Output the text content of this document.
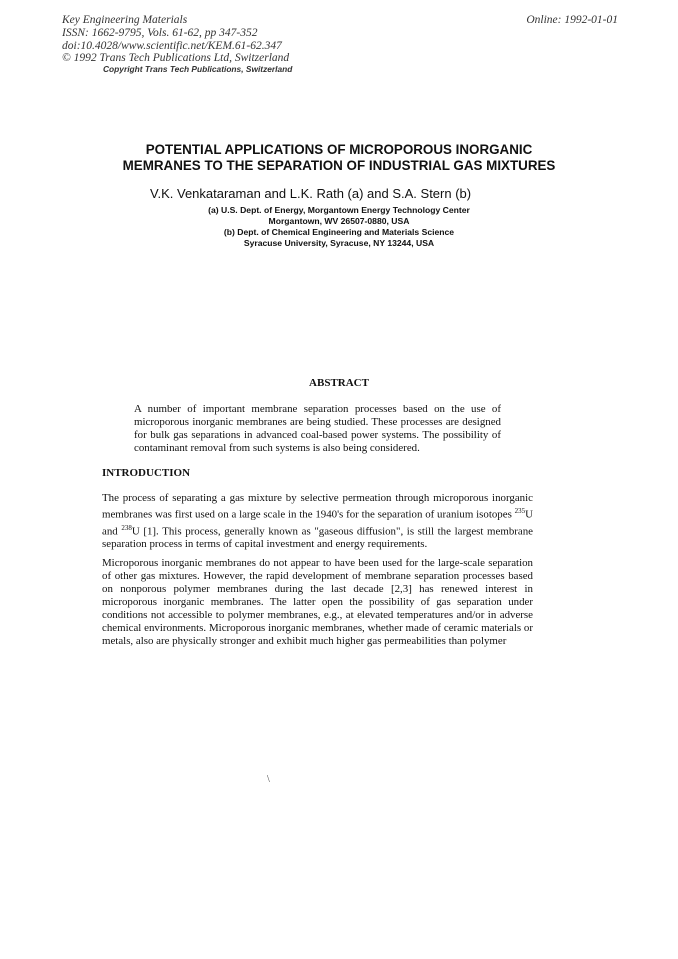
Key Engineering Materials
ISSN: 1662-9795, Vols. 61-62, pp 347-352
doi:10.4028/www.scientific.net/KEM.61-62.347
© 1992 Trans Tech Publications Ltd, Switzerland
Online: 1992-01-01
Copyright Trans Tech Publications, Switzerland
POTENTIAL APPLICATIONS OF MICROPOROUS INORGANIC
MEMRANES TO THE SEPARATION OF INDUSTRIAL GAS MIXTURES
V.K. Venkataraman and L.K. Rath (a) and S.A. Stern (b)
(a) U.S. Dept. of Energy, Morgantown Energy Technology Center
Morgantown, WV 26507-0880, USA
(b) Dept. of Chemical Engineering and Materials Science
Syracuse University, Syracuse, NY 13244, USA
ABSTRACT

A number of important membrane separation processes based on the use of microporous inorganic membranes are being studied. These processes are designed for bulk gas separations in advanced coal-based power systems. The possibility of contaminant removal from such systems is also being considered.

INTRODUCTION

The process of separating a gas mixture by selective permeation through microporous inorganic membranes was first used on a large scale in the 1940's for the separation of uranium isotopes $^{235}$U and $^{238}$U [1]. This process, generally known as "gaseous diffusion", is still the largest membrane separation process in terms of capital investment and energy requirements.

Microporous inorganic membranes do not appear to have been used for the large-scale separation of other gas mixtures. However, the rapid development of membrane separation processes based on nonporous polymer membranes during the last decade [2,3] has renewed interest in microporous inorganic membranes. The latter open the possibility of gas separation under conditions not accessible to polymer membranes, e.g., at elevated temperatures and/or in adverse chemical environments. Microporous inorganic membranes, whether made of ceramic materials or metals, also are physically stronger and exhibit much higher gas permeabilities than polymer

\
